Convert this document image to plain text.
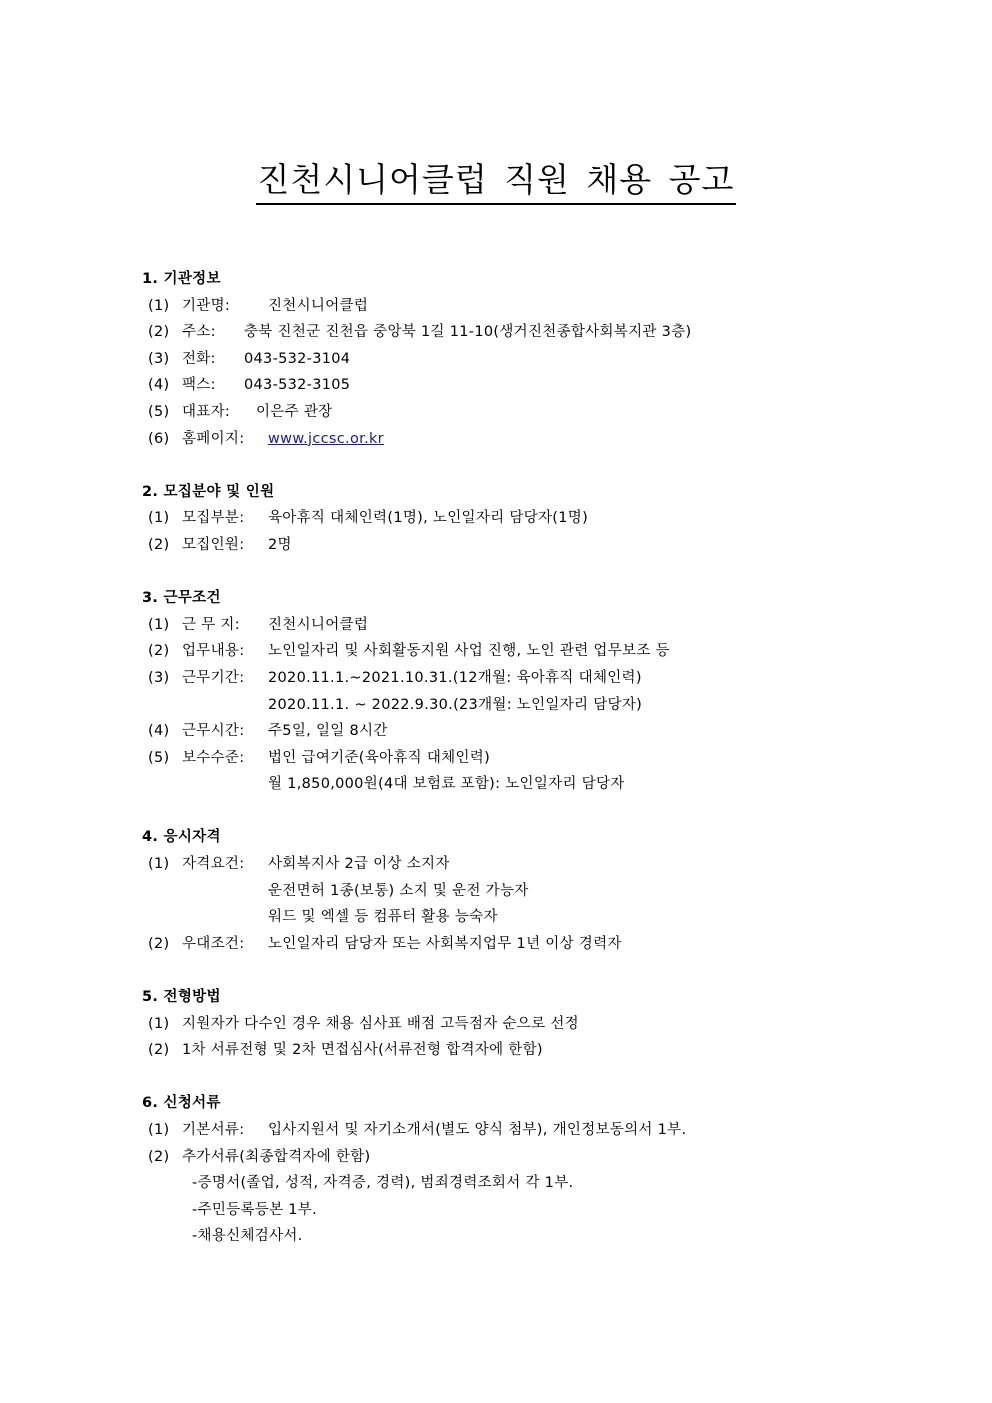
진천시니어클럽 직원 채용 공고
1. 기관정보
(1) 기관명:	진천시니어클럽
(2) 주소:	충북 진천군 진천읍 중앙북 1길 11-10(생거진천종합사회복지관 3층)
(3) 전화:	043-532-3104
(4) 팩스:	043-532-3105
(5) 대표자:	이은주 관장
(6) 홈페이지:	www.jccsc.or.kr
2. 모집분야 및 인원
(1) 모집부분:	육아휴직 대체인력(1명), 노인일자리 담당자(1명)
(2) 모집인원:	2명
3. 근무조건
(1) 근 무 지:	진천시니어클럽
(2) 업무내용:	노인일자리 및 사회활동지원 사업 진행, 노인 관련 업무보조 등
(3) 근무기간:	2020.11.1.~2021.10.31.(12개월: 육아휴직 대체인력)
2020.11.1. ~ 2022.9.30.(23개월: 노인일자리 담당자)
(4) 근무시간:	주5일, 일일 8시간
(5) 보수수준:	법인 급여기준(육아휴직 대체인력)
월 1,850,000원(4대 보험료 포함): 노인일자리 담당자
4. 응시자격
(1) 자격요건:	사회복지사 2급 이상 소지자
운전면허 1종(보통) 소지 및 운전 가능자
워드 및 엑셀 등 컴퓨터 활용 능숙자
(2) 우대조건:	노인일자리 담당자 또는 사회복지업무 1년 이상 경력자
5. 전형방법
(1) 지원자가 다수인 경우 채용 심사표 배점 고득점자 순으로 선정
(2) 1차 서류전형 및 2차 면접심사(서류전형 합격자에 한함)
6. 신청서류
(1) 기본서류:	입사지원서 및 자기소개서(별도 양식 첨부), 개인정보동의서 1부.
(2) 추가서류(최종합격자에 한함)
-증명서(졸업, 성적, 자격증, 경력), 범죄경력조회서 각 1부.
-주민등록등본 1부.
-채용신체검사서.
